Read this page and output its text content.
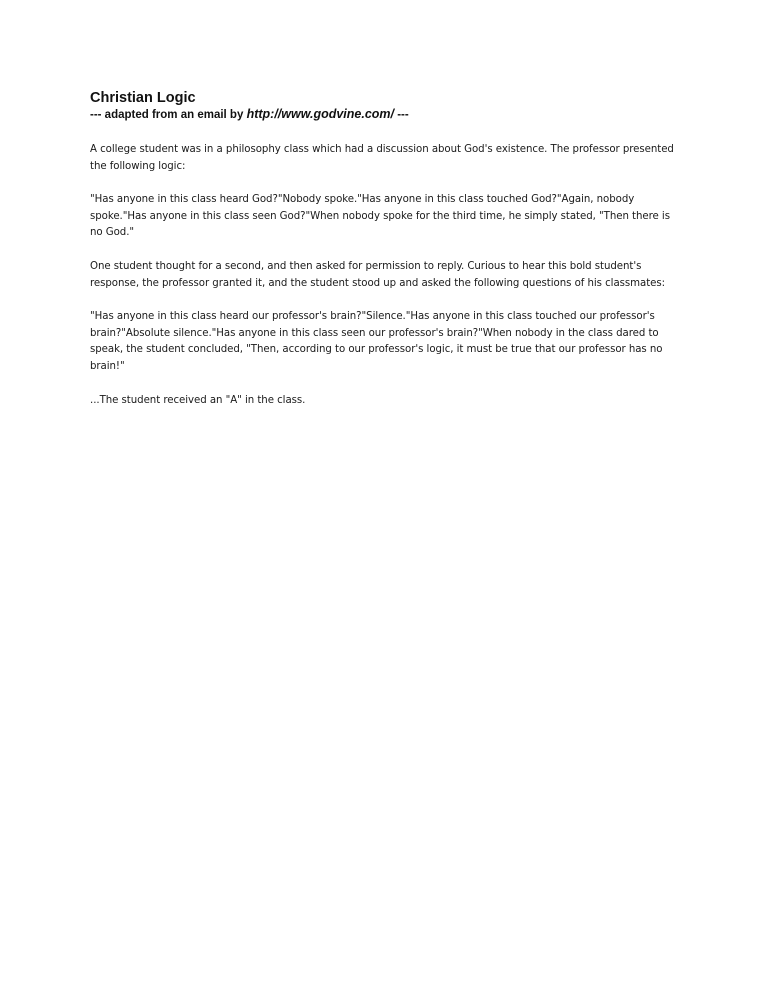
Christian Logic

--- adapted from an email by http://www.godvine.com/ ---

A college student was in a philosophy class which had a discussion about God's existence. The professor presented the following logic:

"Has anyone in this class heard God?"Nobody spoke."Has anyone in this class touched God?"Again, nobody spoke."Has anyone in this class seen God?"When nobody spoke for the third time, he simply stated, "Then there is no God."

One student thought for a second, and then asked for permission to reply. Curious to hear this bold student's response, the professor granted it, and the student stood up and asked the following questions of his classmates:

"Has anyone in this class heard our professor's brain?"Silence."Has anyone in this class touched our professor's brain?"Absolute silence."Has anyone in this class seen our professor's brain?"When nobody in the class dared to speak, the student concluded, "Then, according to our professor's logic, it must be true that our professor has no brain!"

...The student received an "A" in the class.
